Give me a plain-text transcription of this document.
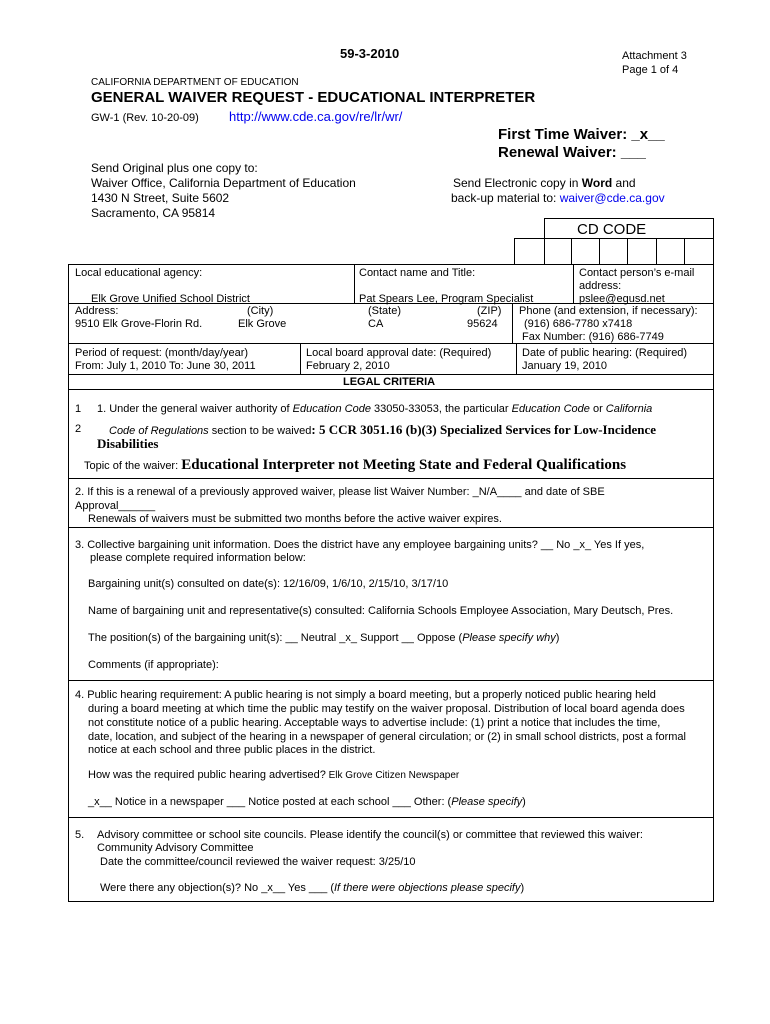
59-3-2010	Attachment 3
Page 1 of 4
CALIFORNIA DEPARTMENT OF EDUCATION
GENERAL WAIVER REQUEST - EDUCATIONAL INTERPRETER
GW-1 (Rev. 10-20-09) http://www.cde.ca.gov/re/lr/wr/
First Time Waiver: _x__
Renewal Waiver: ___
Send Original plus one copy to:
Waiver Office, California Department of Education
1430 N Street, Suite 5602
Sacramento, CA 95814
Send Electronic copy in Word and
back-up material to: waiver@cde.ca.gov
CD CODE
Local educational agency:
Elk Grove Unified School District
Contact name and Title:
Pat Spears Lee, Program Specialist
Contact person’s e-mail
address:
pslee@egusd.net
Address:
9510 Elk Grove-Florin Rd.
(City)
Elk Grove
(State)
CA
(ZIP)
95624
Phone (and extension, if necessary):
(916) 686-7780 x7418
Fax Number: (916) 686-7749
Period of request: (month/day/year)
From: July 1, 2010 To: June 30, 2011
Local board approval date: (Required)
February 2, 2010
Date of public hearing: (Required)
January 19, 2010
LEGAL CRITERIA
1
2
1. Under the general waiver authority of Education Code 33050-33053, the particular Education Code or California
Code of Regulations section to be waived: 5 CCR 3051.16 (b)(3) Specialized Services for Low-Incidence
Disabilities
Topic of the waiver: Educational Interpreter not Meeting State and Federal Qualifications
2. If this is a renewal of a previously approved waiver, please list Waiver Number: _N/A____ and date of SBE
Approval______
Renewals of waivers must be submitted two months before the active waiver expires.
3. Collective bargaining unit information. Does the district have any employee bargaining units? __ No _x_ Yes If yes,
please complete required information below:
Bargaining unit(s) consulted on date(s): 12/16/09, 1/6/10, 2/15/10, 3/17/10
Name of bargaining unit and representative(s) consulted: California Schools Employee Association, Mary Deutsch, Pres.
The position(s) of the bargaining unit(s): __ Neutral _x_ Support __ Oppose (Please specify why)
Comments (if appropriate):
4. Public hearing requirement: A public hearing is not simply a board meeting, but a properly noticed public hearing held
during a board meeting at which time the public may testify on the waiver proposal. Distribution of local board agenda does
not constitute notice of a public hearing. Acceptable ways to advertise include: (1) print a notice that includes the time,
date, location, and subject of the hearing in a newspaper of general circulation; or (2) in small school districts, post a formal
notice at each school and three public places in the district.
How was the required public hearing advertised? Elk Grove Citizen Newspaper
_x__ Notice in a newspaper ___ Notice posted at each school ___ Other: (Please specify)
5. Advisory committee or school site councils. Please identify the council(s) or committee that reviewed this waiver:
Community Advisory Committee
Date the committee/council reviewed the waiver request: 3/25/10
Were there any objection(s)? No _x__ Yes ___ (If there were objections please specify)
